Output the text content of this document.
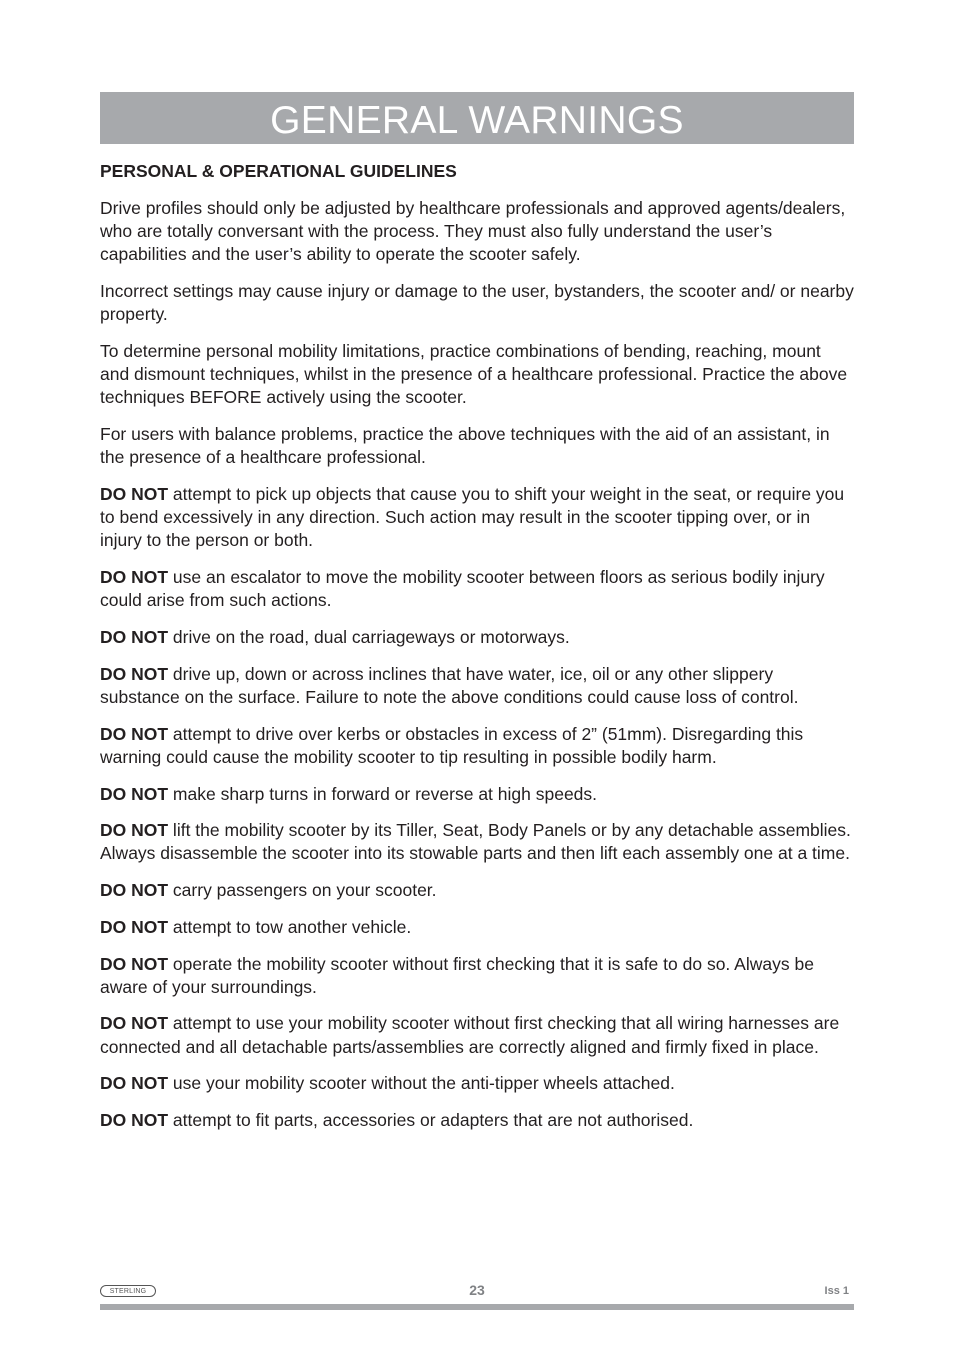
GENERAL WARNINGS
PERSONAL & OPERATIONAL GUIDELINES

Drive profiles should only be adjusted by healthcare professionals and approved agents/dealers, who are totally conversant with the process. They must also fully understand the user’s capabilities and the user’s ability to operate the scooter safely.

Incorrect settings may cause injury or damage to the user, bystanders, the scooter and/ or nearby property.

To determine personal mobility limitations, practice combinations of bending, reaching, mount and dismount techniques, whilst in the presence of a healthcare professional. Practice the above techniques BEFORE actively using the scooter.

For users with balance problems, practice the above techniques with the aid of an assistant, in the presence of a healthcare professional.

DO NOT attempt to pick up objects that cause you to shift your weight in the seat, or require you to bend excessively in any direction. Such action may result in the scooter tipping over, or in injury to the person or both.

DO NOT use an escalator to move the mobility scooter between floors as serious bodily injury could arise from such actions.

DO NOT drive on the road, dual carriageways or motorways.

DO NOT drive up, down or across inclines that have water, ice, oil or any other slippery substance on the surface. Failure to note the above conditions could cause loss of control.

DO NOT attempt to drive over kerbs or obstacles in excess of 2” (51mm). Disregarding this warning could cause the mobility scooter to tip resulting in possible bodily harm.

DO NOT make sharp turns in forward or reverse at high speeds.

DO NOT lift the mobility scooter by its Tiller, Seat, Body Panels or by any detachable assemblies. Always disassemble the scooter into its stowable parts and then lift each assembly one at a time.

DO NOT carry passengers on your scooter.

DO NOT attempt to tow another vehicle.

DO NOT operate the mobility scooter without first checking that it is safe to do so. Always be aware of your surroundings.

DO NOT attempt to use your mobility scooter without first checking that all wiring harnesses are connected and all detachable parts/assemblies are correctly aligned and firmly fixed in place.

DO NOT use your mobility scooter without the anti-tipper wheels attached.

DO NOT attempt to fit parts, accessories or adapters that are not authorised.

STERLING	23	Iss 1
